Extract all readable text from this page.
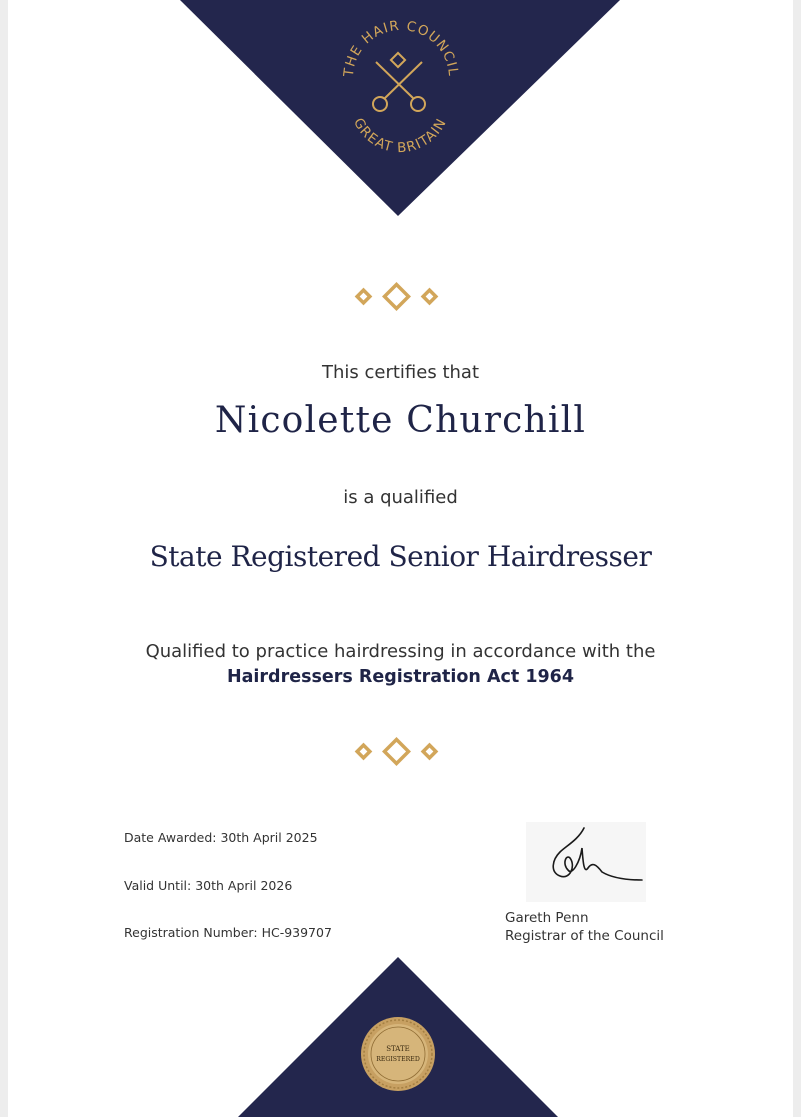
THE HAIR COUNCIL
GREAT BRITAIN
This certifies that
Nicolette Churchill
is a qualified
State Registered Senior Hairdresser
Qualified to practice hairdressing in accordance with the
Hairdressers Registration Act 1964
Date Awarded: 30th April 2025
Valid Until: 30th April 2026
Registration Number: HC-939707
Gareth Penn
Registrar of the Council
STATE
REGISTERED
